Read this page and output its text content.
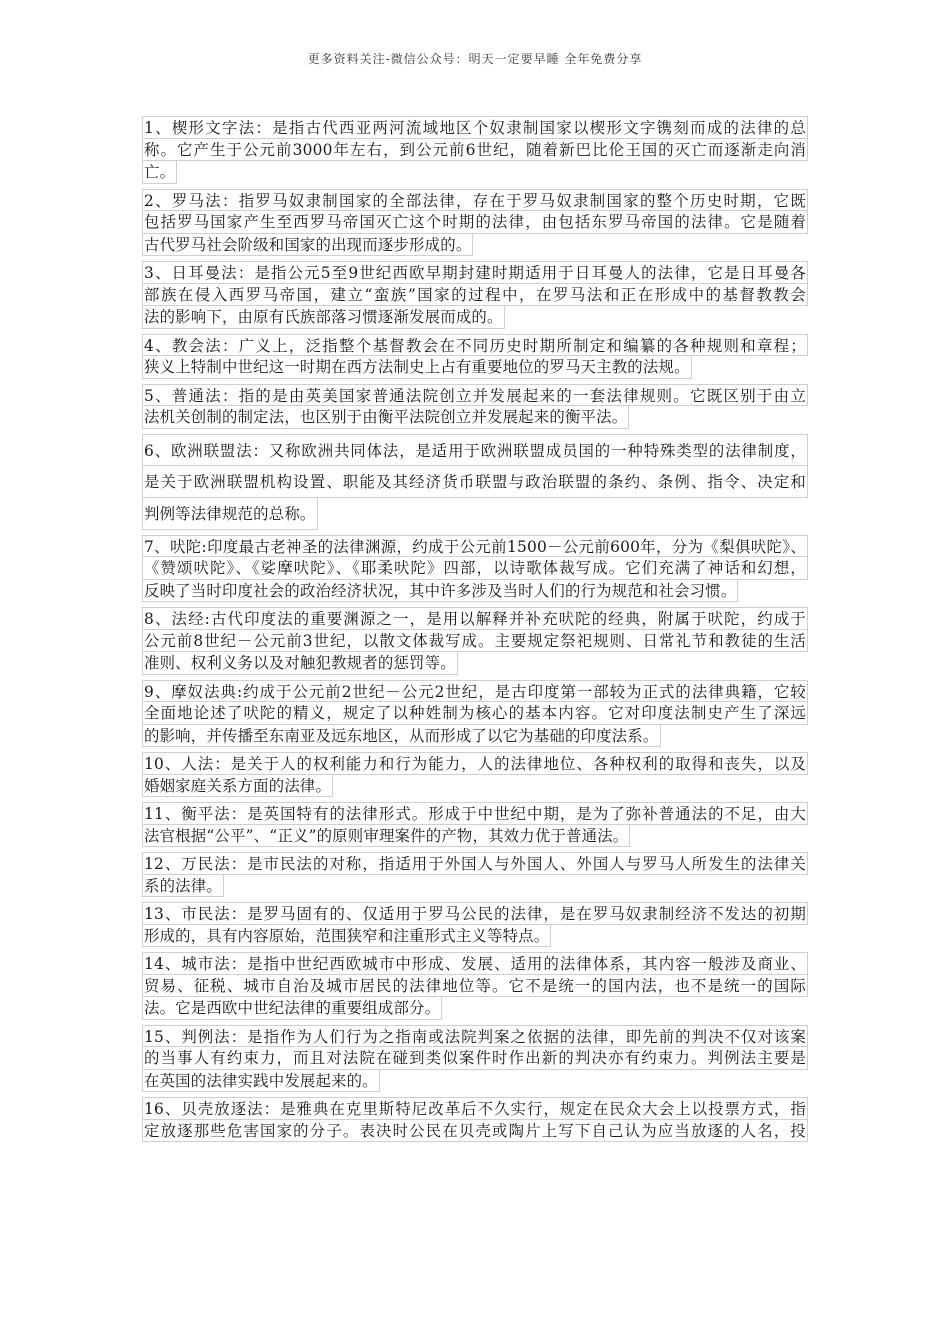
更多资料关注-微信公众号：明天一定要早睡 全年免费分享
1、楔形文字法：是指古代西亚两河流域地区个奴隶制国家以楔形文字镌刻而成的法律的总
称。它产生于公元前3000年左右，到公元前6世纪，随着新巴比伦王国的灭亡而逐渐走向消
亡。
2、罗马法：指罗马奴隶制国家的全部法律，存在于罗马奴隶制国家的整个历史时期，它既
包括罗马国家产生至西罗马帝国灭亡这个时期的法律，由包括东罗马帝国的法律。它是随着
古代罗马社会阶级和国家的出现而逐步形成的。
3、日耳曼法：是指公元5至9世纪西欧早期封建时期适用于日耳曼人的法律，它是日耳曼各
部族在侵入西罗马帝国，建立“蛮族”国家的过程中，在罗马法和正在形成中的基督教教会
法的影响下，由原有氏族部落习惯逐渐发展而成的。
4、教会法：广义上，泛指整个基督教会在不同历史时期所制定和编纂的各种规则和章程；
狭义上特制中世纪这一时期在西方法制史上占有重要地位的罗马天主教的法规。
5、普通法：指的是由英美国家普通法院创立并发展起来的一套法律规则。它既区别于由立
法机关创制的制定法，也区别于由衡平法院创立并发展起来的衡平法。
6、欧洲联盟法：又称欧洲共同体法，是适用于欧洲联盟成员国的一种特殊类型的法律制度，
是关于欧洲联盟机构设置、职能及其经济货币联盟与政治联盟的条约、条例、指令、决定和
判例等法律规范的总称。
7、吠陀:印度最古老神圣的法律渊源，约成于公元前1500－公元前600年，分为《梨俱吠陀》、
《赞颂吠陀》、《娑摩吠陀》、《耶柔吠陀》四部，以诗歌体裁写成。它们充满了神话和幻想，
反映了当时印度社会的政治经济状况，其中许多涉及当时人们的行为规范和社会习惯。
8、法经:古代印度法的重要渊源之一，是用以解释并补充吠陀的经典，附属于吠陀，约成于
公元前8世纪－公元前3世纪，以散文体裁写成。主要规定祭祀规则、日常礼节和教徒的生活
准则、权利义务以及对触犯教规者的惩罚等。
9、摩奴法典:约成于公元前2世纪－公元2世纪，是古印度第一部较为正式的法律典籍，它较
全面地论述了吠陀的精义，规定了以种姓制为核心的基本内容。它对印度法制史产生了深远
的影响，并传播至东南亚及远东地区，从而形成了以它为基础的印度法系。
10、人法：是关于人的权利能力和行为能力，人的法律地位、各种权利的取得和丧失，以及
婚姻家庭关系方面的法律。
11、衡平法：是英国特有的法律形式。形成于中世纪中期，是为了弥补普通法的不足，由大
法官根据“公平”、“正义”的原则审理案件的产物，其效力优于普通法。
12、万民法：是市民法的对称，指适用于外国人与外国人、外国人与罗马人所发生的法律关
系的法律。
13、市民法：是罗马固有的、仅适用于罗马公民的法律，是在罗马奴隶制经济不发达的初期
形成的，具有内容原始，范围狭窄和注重形式主义等特点。
14、城市法：是指中世纪西欧城市中形成、发展、适用的法律体系，其内容一般涉及商业、
贸易、征税、城市自治及城市居民的法律地位等。它不是统一的国内法，也不是统一的国际
法。它是西欧中世纪法律的重要组成部分。
15、判例法：是指作为人们行为之指南或法院判案之依据的法律，即先前的判决不仅对该案
的当事人有约束力，而且对法院在碰到类似案件时作出新的判决亦有约束力。判例法主要是
在英国的法律实践中发展起来的。
16、贝壳放逐法：是雅典在克里斯特尼改革后不久实行，规定在民众大会上以投票方式，指
定放逐那些危害国家的分子。表决时公民在贝壳或陶片上写下自己认为应当放逐的人名，投
